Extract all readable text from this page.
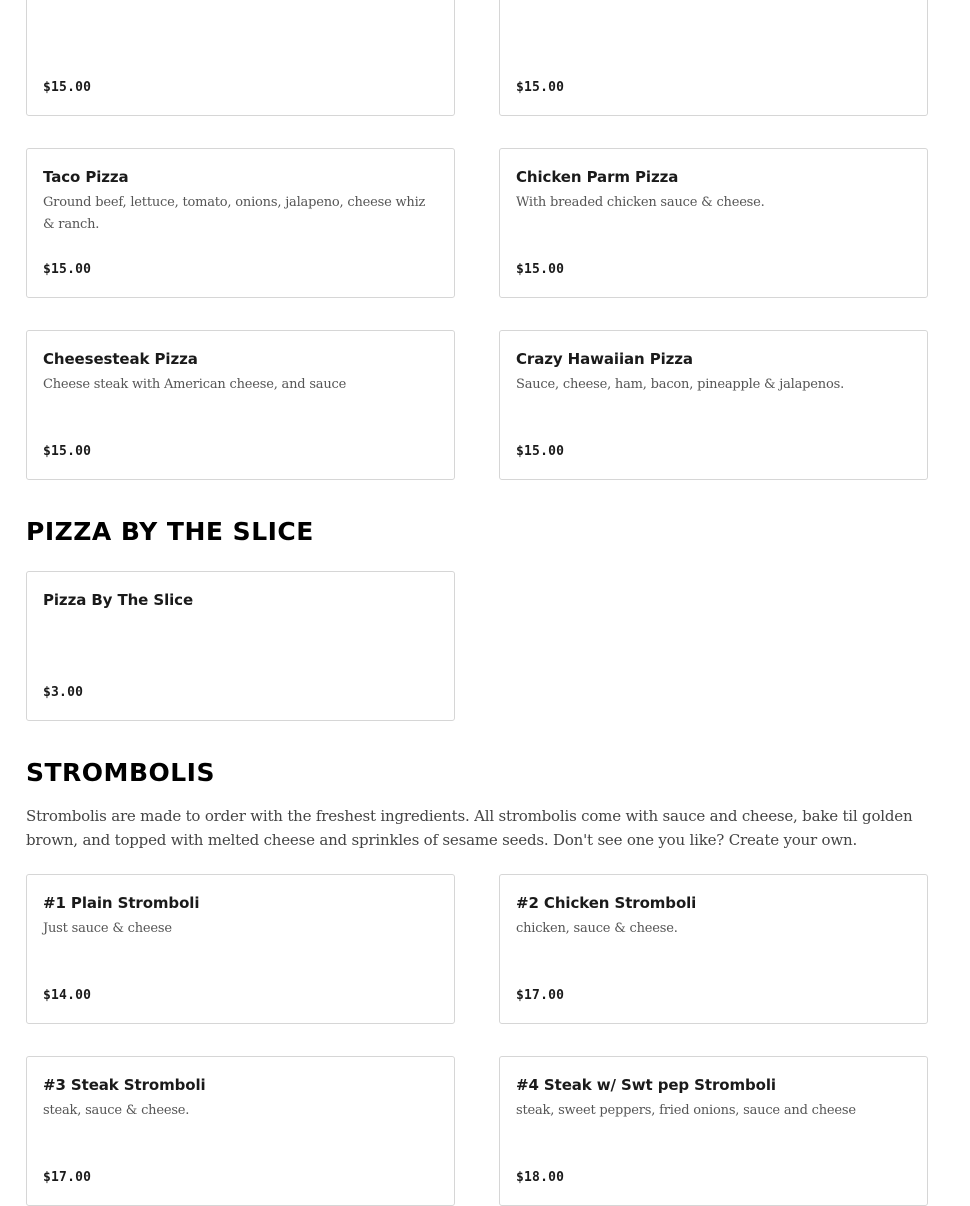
$15.00	$15.00

Taco Pizza

Ground beef, lettuce, tomato, onions, jalapeno, cheese whiz & ranch.
$15.00

Chicken Parm Pizza

With breaded chicken sauce & cheese.
$15.00

Cheesesteak Pizza

Cheese steak with American cheese, and sauce
$15.00

Crazy Hawaiian Pizza

Sauce, cheese, ham, bacon, pineapple & jalapenos.
$15.00
PIZZA BY THE SLICE

Pizza By The Slice

$3.00
STROMBOLIS

Strombolis are made to order with the freshest ingredients. All strombolis come with sauce and cheese, bake til golden brown, and topped with melted cheese and sprinkles of sesame seeds. Don't see one you like? Create your own.

#1 Plain Stromboli

Just sauce & cheese
$14.00

#2 Chicken Stromboli

chicken, sauce & cheese.
$17.00

#3 Steak Stromboli

steak, sauce & cheese.
$17.00

#4 Steak w/ Swt pep Stromboli

steak, sweet peppers, fried onions, sauce and cheese
$18.00
